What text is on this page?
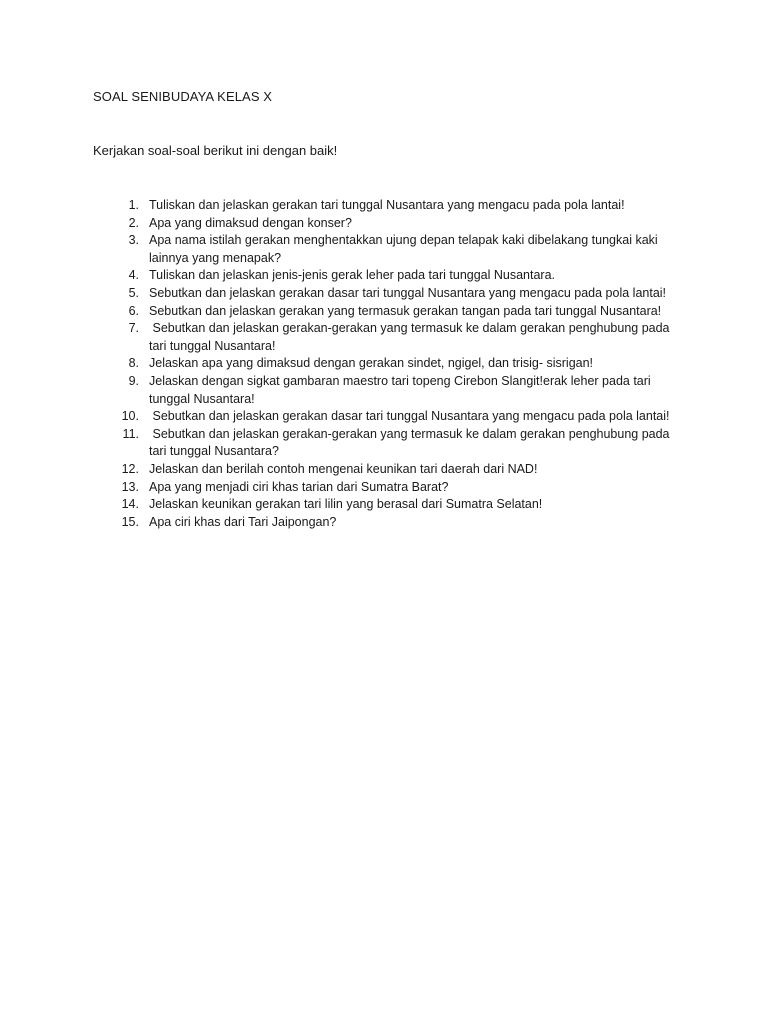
SOAL SENIBUDAYA KELAS X
Kerjakan soal-soal berikut ini dengan baik!
1. Tuliskan dan jelaskan gerakan tari tunggal Nusantara yang mengacu pada pola lantai!
2. Apa yang dimaksud dengan konser?
3. Apa nama istilah gerakan menghentakkan ujung depan telapak kaki dibelakang tungkai kaki lainnya yang menapak?
4. Tuliskan dan jelaskan jenis-jenis gerak leher pada tari tunggal Nusantara.
5. Sebutkan dan jelaskan gerakan dasar tari tunggal Nusantara yang mengacu pada pola lantai!
6. Sebutkan dan jelaskan gerakan yang termasuk gerakan tangan pada tari tunggal Nusantara!
7. Sebutkan dan jelaskan gerakan-gerakan yang termasuk ke dalam gerakan penghubung pada tari tunggal Nusantara!
8. Jelaskan apa yang dimaksud dengan gerakan sindet, ngigel, dan trisig- sisrigan!
9. Jelaskan dengan sigkat gambaran maestro tari topeng Cirebon Slangit!erak leher pada tari tunggal Nusantara!
10. Sebutkan dan jelaskan gerakan dasar tari tunggal Nusantara yang mengacu pada pola lantai!
11. Sebutkan dan jelaskan gerakan-gerakan yang termasuk ke dalam gerakan penghubung pada tari tunggal Nusantara?
12. Jelaskan dan berilah contoh mengenai keunikan tari daerah dari NAD!
13. Apa yang menjadi ciri khas tarian dari Sumatra Barat?
14. Jelaskan keunikan gerakan tari lilin yang berasal dari Sumatra Selatan!
15. Apa ciri khas dari Tari Jaipongan?
